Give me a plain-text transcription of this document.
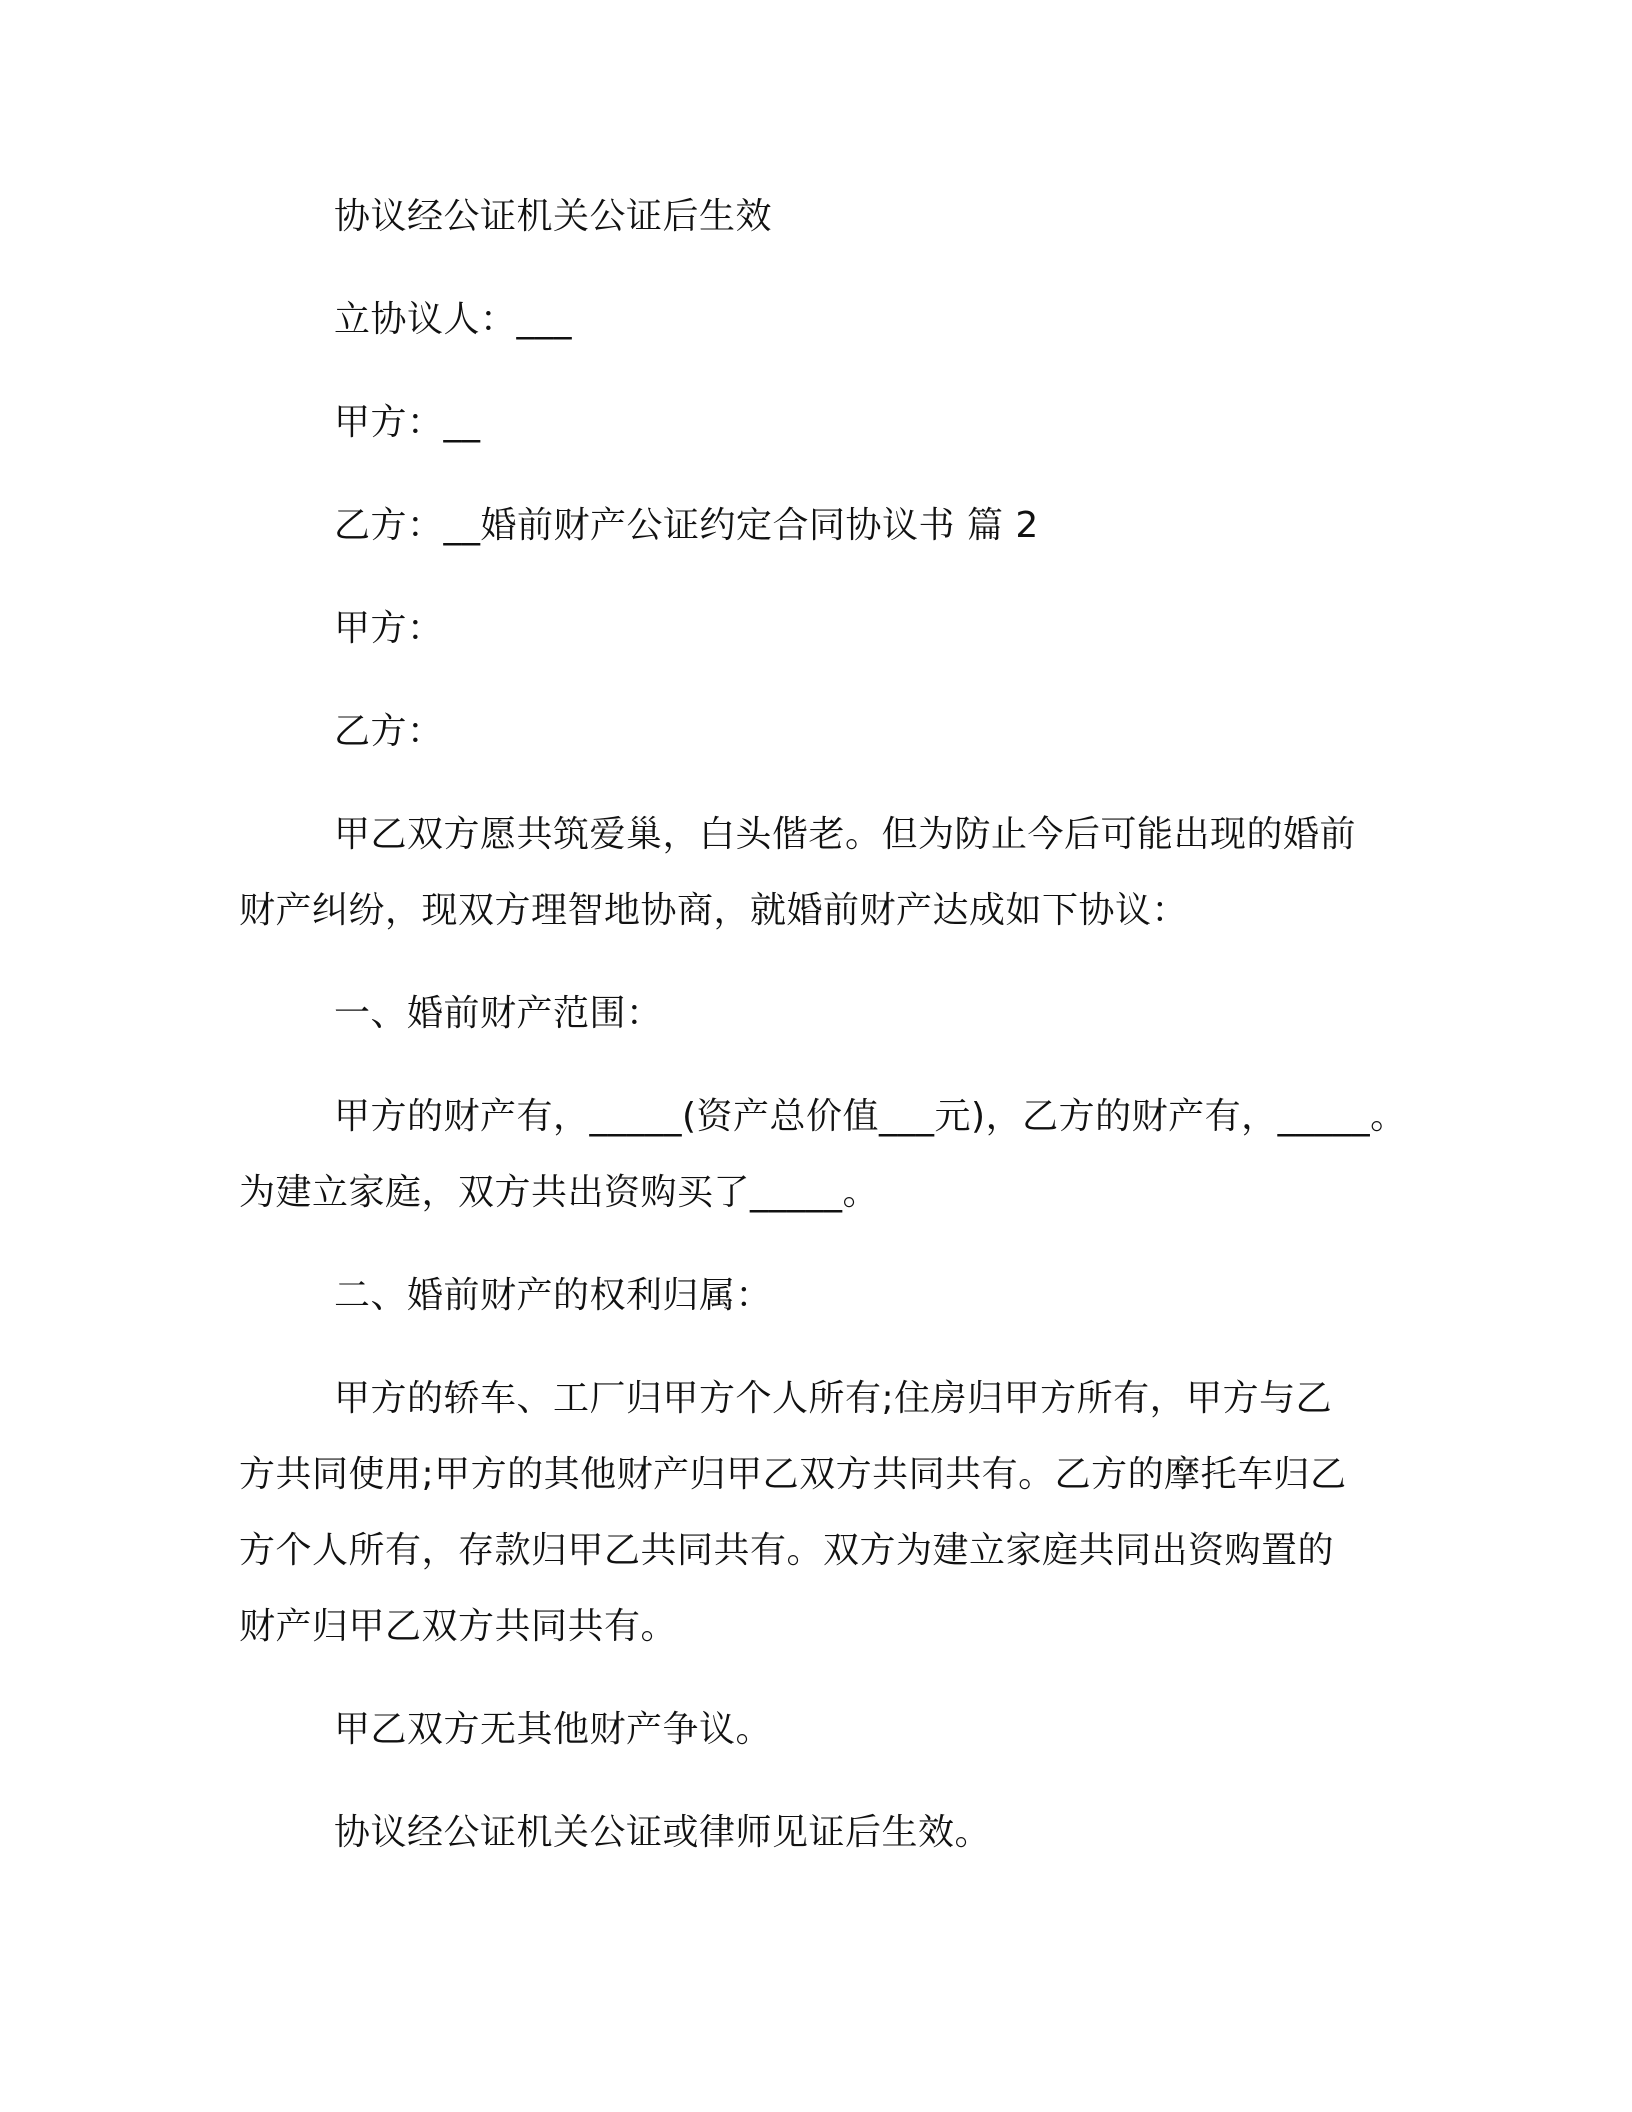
协议经公证机关公证后生效
立协议人：___
甲方：__
乙方：__婚前财产公证约定合同协议书 篇 2
甲方：
乙方：
甲乙双方愿共筑爱巢，白头偕老。但为防止今后可能出现的婚前
财产纠纷，现双方理智地协商，就婚前财产达成如下协议：
一、婚前财产范围：
甲方的财产有，_____(资产总价值___元)，乙方的财产有，_____。
为建立家庭，双方共出资购买了_____。
二、婚前财产的权利归属：
甲方的轿车、工厂归甲方个人所有;住房归甲方所有，甲方与乙
方共同使用;甲方的其他财产归甲乙双方共同共有。乙方的摩托车归乙
方个人所有，存款归甲乙共同共有。双方为建立家庭共同出资购置的
财产归甲乙双方共同共有。
甲乙双方无其他财产争议。
协议经公证机关公证或律师见证后生效。
